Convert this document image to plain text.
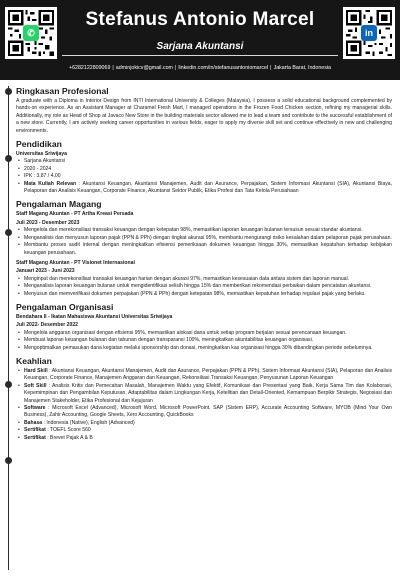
✆
Stefanus Antonio Marcel
Sarjana Akuntansi
+6282122809069 | adminjokicv@gmail.com | linkedin.com/in/stefanusantoniomarcel | Jakarta Barat, Indonesia
in
Ringkasan Profesional

A graduate with a Diploma in Interior Design from INTI International University & Colleges (Malaysia), I possess a solid educational background complemented by hands-on experience. As an Assistant Manager at Charamel Fresh Mart, I managed operations in the Frozen Food Chicken section, refining my managerial skills. Additionally, my role as Head of Shop at Javaco New Store in the building materials sector allowed me to lead a team and contribute to the successful establishment of a new store. Currently, I am actively seeking career opportunities in various fields, eager to apply my diverse skill set and continue effectively in new and challenging environments.

Pendidikan
Universitas Sriwijaya
• Sarjana Akuntansi
• 2020 - 2024
• IPK : 3,87 / 4,00
• Mata Kuliah Relevan : Akuntansi Keuangan, Akuntansi Manajemen, Audit dan Asurance, Perpajakan, Sistem Informasi Akuntansi (SIA), Akuntansi Biaya, Pelaporan dan Analisis Keuangan, Corporate Finance, Akuntansi Sektor Publik, Etika Profesi dan Tata Kelola Perusahaan
Pengalaman Magang
Staff Magang Akuntan - PT Artha Kreasi Persada
Juli 2023 - Desember 2023
• Mengelola dan merekonsiliasi transaksi keuangan dengan ketepatan 98%, memastikan laporan keuangan bulanan tersusun sesuai standar akuntansi.
• Menganalisis dan menyusun laporan pajak (PPN & PPh) dengan tingkat akurasi 95%, membantu mengurangi risiko kesalahan dalam pelaporan pajak perusahaan.
• Membantu proses audit internal dengan meningkatkan efisiensi pemeriksaan dokumen keuangan hingga 30%, memastikan kepatuhan terhadap kebijakan keuangan perusahaan.
Staff Magang Akuntan - PT Visionet Internasional
Januari 2023 - Juni 2023
• Menginput dan merekonsiliasi transaksi keuangan harian dengan akurasi 97%, memastikan kesesuaian data antara sistem dan laporan manual.
• Menganalisis laporan keuangan bulanan untuk mengidentifikasi selisih hingga 15% dan memberikan rekomendasi perbaikan dalam pencatatan akuntansi.
• Menyusun dan memverifikasi dokumen perpajakan (PPN & PPh) dengan ketepatan 98%, memastikan kepatuhan terhadap regulasi pajak yang berlaku.
Pengalaman Organisasi
Bendahara II - Ikatan Mahasiswa Akuntansi Universitas Sriwijaya
Juli 2022- Desember 2022
• Mengelola anggaran organisasi dengan efisiensi 95%, memastikan alokasi dana untuk setiap program berjalan sesuai perencanaan keuangan.
• Membuat laporan keuangan bulanan dan tahunan dengan transparansi 100%, meningkatkan akuntabilitas keuangan organisasi.
• Mengoptimalkan pemasukan dana kegiatan melalui sponsorship dan donasi, meningkatkan kas organisasi hingga 30% dibandingkan periode sebelumnya.
Keahlian
• Hard Skill : Akuntansi Keuangan, Akuntansi Manajemen, Audit dan Asurance, Perpajakan (PPN & PPh), Sistem Informasi Akuntansi (SIA), Pelaporan dan Analisis Keuangan, Corporate Finance, Manajemen Anggaran dan Keuangan, Rekonsiliasi Transaksi Keuangan, Penyusunan Laporan Keuangan
• Soft Skill : Analisis Kritis dan Pemecahan Masalah, Manajemen Waktu yang Efektif, Komunikasi dan Presentasi yang Baik, Kerja Sama Tim dan Kolaborasi, Kepemimpinan dan Pengambilan Keputusan, Adaptabilitas dalam Lingkungan Kerja, Ketelitian dan Detail-Oriented, Kemampuan Berpikir Strategis, Negosiasi dan Manajemen Stakeholder, Etika Profesional dan Kejujuran
• Software : Microsoft Excel (Advanced), Microsoft Word, Microsoft PowerPoint, SAP (Sistem ERP), Accurate Accounting Software, MYOB (Mind Your Own Business), Zahir Accounting, Google Sheets, Xero Accounting, QuickBooks
• Bahasa : Indonesia (Native), English (Advanced)
• Sertifikat : TOEFL Score 560
• Sertifikat : Brevet Pajak A & B
